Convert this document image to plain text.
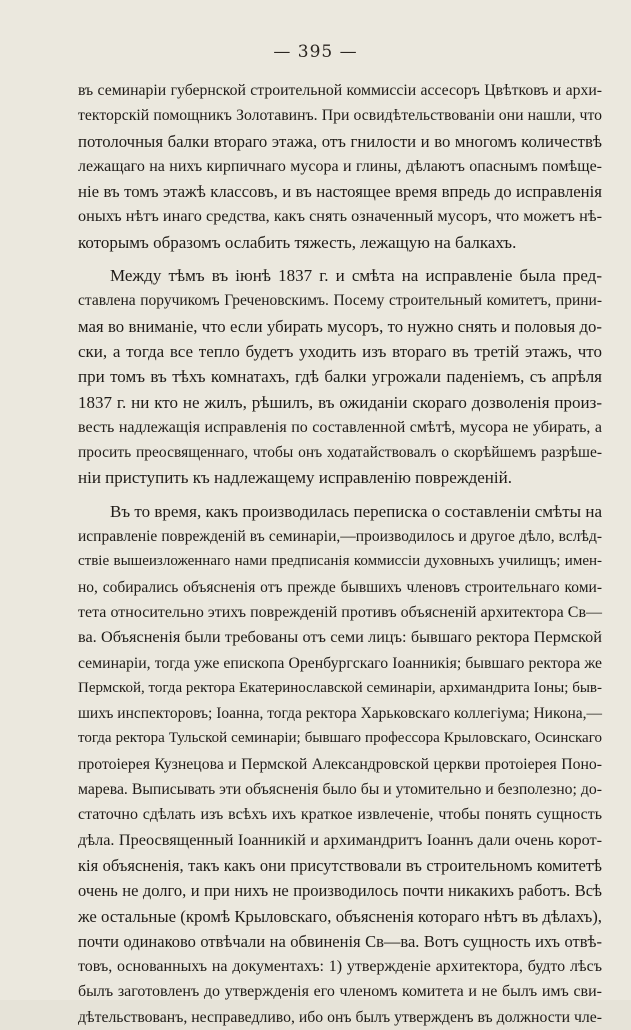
— 395 —
въ семинаріи губернской строительной коммиссіи ассесоръ Цвѣтковъ и архи-
текторскій помощникъ Золотавинъ. При освидѣтельствованіи они нашли, что
потолочныя балки втораго этажа, отъ гнилости и во многомъ количествѣ
лежащаго на нихъ кирпичнаго мусора и глины, дѣлаютъ опаснымъ помѣще-
ніе въ томъ этажѣ классовъ, и въ настоящее время впредь до исправленія
оныхъ нѣтъ инаго средства, какъ снять означенный мусоръ, что можетъ нѣ-
которымъ образомъ ослабить тяжесть, лежащую на балкахъ.
Между тѣмъ въ іюнѣ 1837 г. и смѣта на исправленіе была пред-
ставлена поручикомъ Греченовскимъ. Посему строительный комитетъ, прини-
мая во вниманіе, что если убирать мусоръ, то нужно снять и половыя до-
ски, а тогда все тепло будетъ уходить изъ втораго въ третій этажъ, что
при томъ въ тѣхъ комнатахъ, гдѣ балки угрожали паденіемъ, съ апрѣля
1837 г. ни кто не жилъ, рѣшилъ, въ ожиданіи скораго дозволенія произ-
весть надлежащія исправленія по составленной смѣтѣ, мусора не убирать, а
просить преосвященнаго, чтобы онъ ходатайствовалъ о скорѣйшемъ разрѣше-
ніи приступить къ надлежащему исправленію поврежденій.
Въ то время, какъ производилась переписка о составленіи смѣты на
исправленіе поврежденій въ семинаріи,—производилось и другое дѣло, вслѣд-
ствіе вышеизложеннаго нами предписанія коммиссіи духовныхъ училищъ; имен-
но, собирались объясненія отъ прежде бывшихъ членовъ строительнаго коми-
тета относительно этихъ поврежденій противъ объясненій архитектора Св—
ва. Объясненія были требованы отъ семи лицъ: бывшаго ректора Пермской
семинаріи, тогда уже епископа Оренбургскаго Іоанникія; бывшаго ректора же
Пермской, тогда ректора Екатеринославской семинаріи, архимандрита Іоны; быв-
шихъ инспекторовъ; Іоанна, тогда ректора Харьковскаго коллегіума; Никона,—
тогда ректора Тульской семинаріи; бывшаго профессора Крыловскаго, Осинскаго
протоіерея Кузнецова и Пермской Александровской церкви протоіерея Поно-
марева. Выписывать эти объясненія было бы и утомительно и безполезно; до-
статочно сдѣлать изъ всѣхъ ихъ краткое извлеченіе, чтобы понять сущность
дѣла. Преосвященный Іоанникій и архимандритъ Іоаннъ дали очень корот-
кія объясненія, такъ какъ они присутствовали въ строительномъ комитетѣ
очень не долго, и при нихъ не производилось почти никакихъ работъ. Всѣ
же остальные (кромѣ Крыловскаго, объясненія котораго нѣтъ въ дѣлахъ),
почти одинаково отвѣчали на обвиненія Св—ва. Вотъ сущность ихъ отвѣ-
товъ, основанныхъ на документахъ: 1) утвержденіе архитектора, будто лѣсъ
былъ заготовленъ до утвержденія его членомъ комитета и не былъ имъ сви-
дѣтельствованъ, несправедливо, ибо онъ былъ утвержденъ въ должности чле-
